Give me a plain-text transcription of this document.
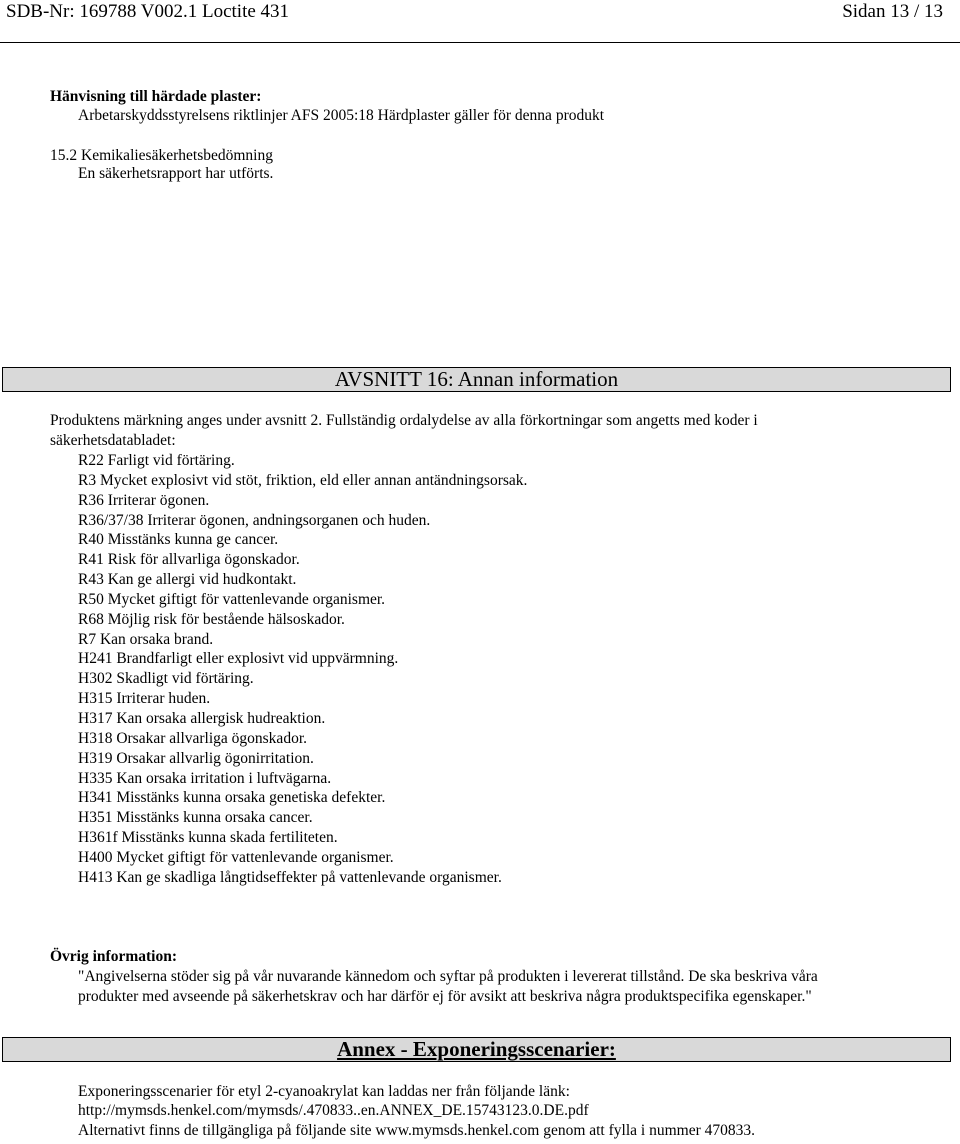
SDB-Nr: 169788 V002.1 Loctite 431	Sidan 13 / 13
Hänvisning till härdade plaster:
Arbetarskyddsstyrelsens riktlinjer AFS 2005:18 Härdplaster gäller för denna produkt
15.2 Kemikaliesäkerhetsbedömning
En säkerhetsrapport har utförts.
AVSNITT 16: Annan information
Produktens märkning anges under avsnitt 2. Fullständig ordalydelse av alla förkortningar som angetts med koder i
säkerhetsdatabladet:
R22 Farligt vid förtäring.
R3 Mycket explosivt vid stöt, friktion, eld eller annan antändningsorsak.
R36 Irriterar ögonen.
R36/37/38 Irriterar ögonen, andningsorganen och huden.
R40 Misstänks kunna ge cancer.
R41 Risk för allvarliga ögonskador.
R43 Kan ge allergi vid hudkontakt.
R50 Mycket giftigt för vattenlevande organismer.
R68 Möjlig risk för bestående hälsoskador.
R7 Kan orsaka brand.
H241 Brandfarligt eller explosivt vid uppvärmning.
H302 Skadligt vid förtäring.
H315 Irriterar huden.
H317 Kan orsaka allergisk hudreaktion.
H318 Orsakar allvarliga ögonskador.
H319 Orsakar allvarlig ögonirritation.
H335 Kan orsaka irritation i luftvägarna.
H341 Misstänks kunna orsaka genetiska defekter.
H351 Misstänks kunna orsaka cancer.
H361f Misstänks kunna skada fertiliteten.
H400 Mycket giftigt för vattenlevande organismer.
H413 Kan ge skadliga långtidseffekter på vattenlevande organismer.
Övrig information:
"Angivelserna stöder sig på vår nuvarande kännedom och syftar på produkten i levererat tillstånd. De ska beskriva våra
produkter med avseende på säkerhetskrav och har därför ej för avsikt att beskriva några produktspecifika egenskaper."
Annex - Exponeringsscenarier:
Exponeringsscenarier för etyl 2-cyanoakrylat kan laddas ner från följande länk:
http://mymsds.henkel.com/mymsds/.470833..en.ANNEX_DE.15743123.0.DE.pdf
Alternativt finns de tillgängliga på följande site www.mymsds.henkel.com genom att fylla i nummer 470833.
